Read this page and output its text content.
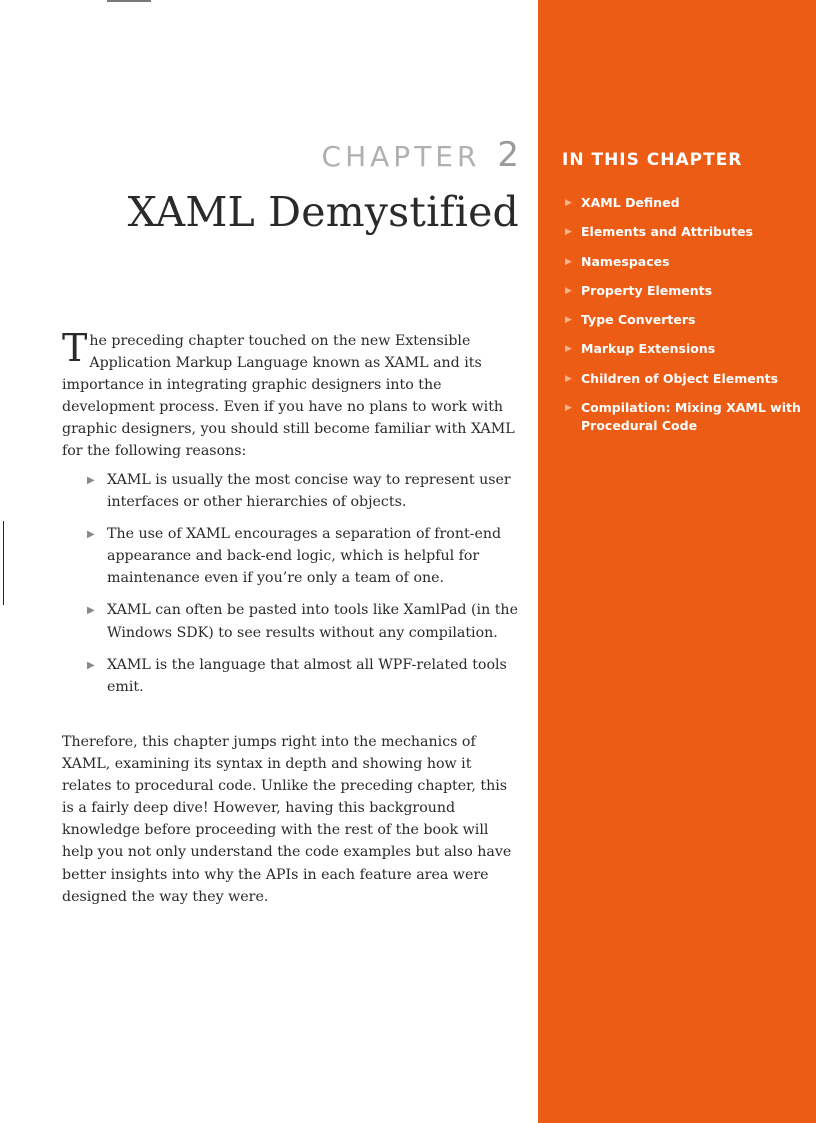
CHAPTER 2
XAML Demystified

T he preceding chapter touched on the new Extensible Application Markup Language known as XAML and its importance in integrating graphic designers into the development process. Even if you have no plans to work with graphic designers, you should still become familiar with XAML for the following reasons:

▶ XAML is usually the most concise way to represent user interfaces or other hierarchies of objects.
▶ The use of XAML encourages a separation of front-end appearance and back-end logic, which is helpful for maintenance even if you’re only a team of one.
▶ XAML can often be pasted into tools like XamlPad (in the Windows SDK) to see results without any compilation.
▶ XAML is the language that almost all WPF-related tools emit.

Therefore, this chapter jumps right into the mechanics of XAML, examining its syntax in depth and showing how it relates to procedural code. Unlike the preceding chapter, this is a fairly deep dive! However, having this background knowledge before proceeding with the rest of the book will help you not only understand the code examples but also have better insights into why the APIs in each feature area were designed the way they were.

IN THIS CHAPTER
▶ XAML Defined
▶ Elements and Attributes
▶ Namespaces
▶ Property Elements
▶ Type Converters
▶ Markup Extensions
▶ Children of Object Elements
▶ Compilation: Mixing XAML with Procedural Code
